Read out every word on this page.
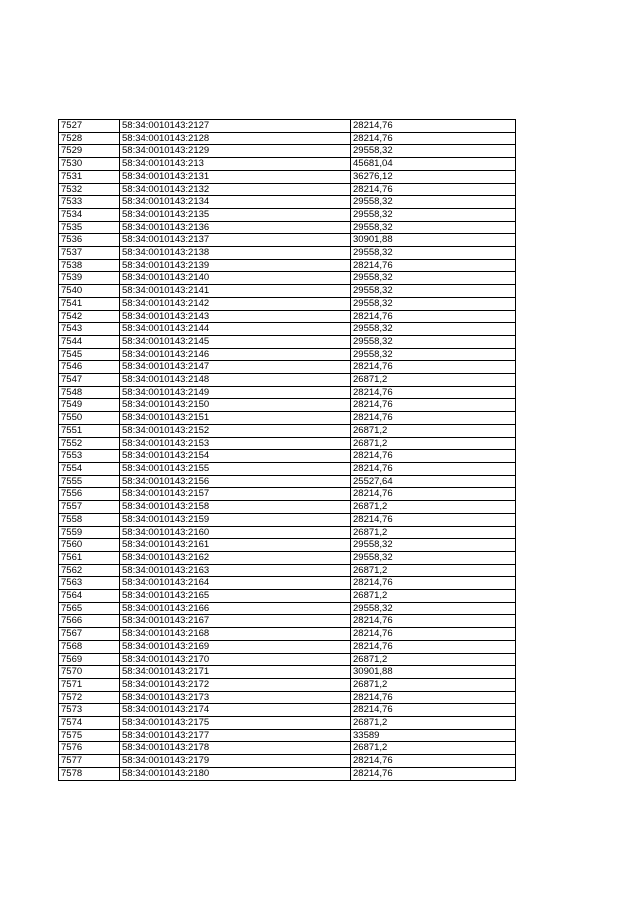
7527	58:34:0010143:2127	28214,76
7528	58:34:0010143:2128	28214,76
7529	58:34:0010143:2129	29558,32
7530	58:34:0010143:213	45681,04
7531	58:34:0010143:2131	36276,12
7532	58:34:0010143:2132	28214,76
7533	58:34:0010143:2134	29558,32
7534	58:34:0010143:2135	29558,32
7535	58:34:0010143:2136	29558,32
7536	58:34:0010143:2137	30901,88
7537	58:34:0010143:2138	29558,32
7538	58:34:0010143:2139	28214,76
7539	58:34:0010143:2140	29558,32
7540	58:34:0010143:2141	29558,32
7541	58:34:0010143:2142	29558,32
7542	58:34:0010143:2143	28214,76
7543	58:34:0010143:2144	29558,32
7544	58:34:0010143:2145	29558,32
7545	58:34:0010143:2146	29558,32
7546	58:34:0010143:2147	28214,76
7547	58:34:0010143:2148	26871,2
7548	58:34:0010143:2149	28214,76
7549	58:34:0010143:2150	28214,76
7550	58:34:0010143:2151	28214,76
7551	58:34:0010143:2152	26871,2
7552	58:34:0010143:2153	26871,2
7553	58:34:0010143:2154	28214,76
7554	58:34:0010143:2155	28214,76
7555	58:34:0010143:2156	25527,64
7556	58:34:0010143:2157	28214,76
7557	58:34:0010143:2158	26871,2
7558	58:34:0010143:2159	28214,76
7559	58:34:0010143:2160	26871,2
7560	58:34:0010143:2161	29558,32
7561	58:34:0010143:2162	29558,32
7562	58:34:0010143:2163	26871,2
7563	58:34:0010143:2164	28214,76
7564	58:34:0010143:2165	26871,2
7565	58:34:0010143:2166	29558,32
7566	58:34:0010143:2167	28214,76
7567	58:34:0010143:2168	28214,76
7568	58:34:0010143:2169	28214,76
7569	58:34:0010143:2170	26871,2
7570	58:34:0010143:2171	30901,88
7571	58:34:0010143:2172	26871,2
7572	58:34:0010143:2173	28214,76
7573	58:34:0010143:2174	28214,76
7574	58:34:0010143:2175	26871,2
7575	58:34:0010143:2177	33589
7576	58:34:0010143:2178	26871,2
7577	58:34:0010143:2179	28214,76
7578	58:34:0010143:2180	28214,76
